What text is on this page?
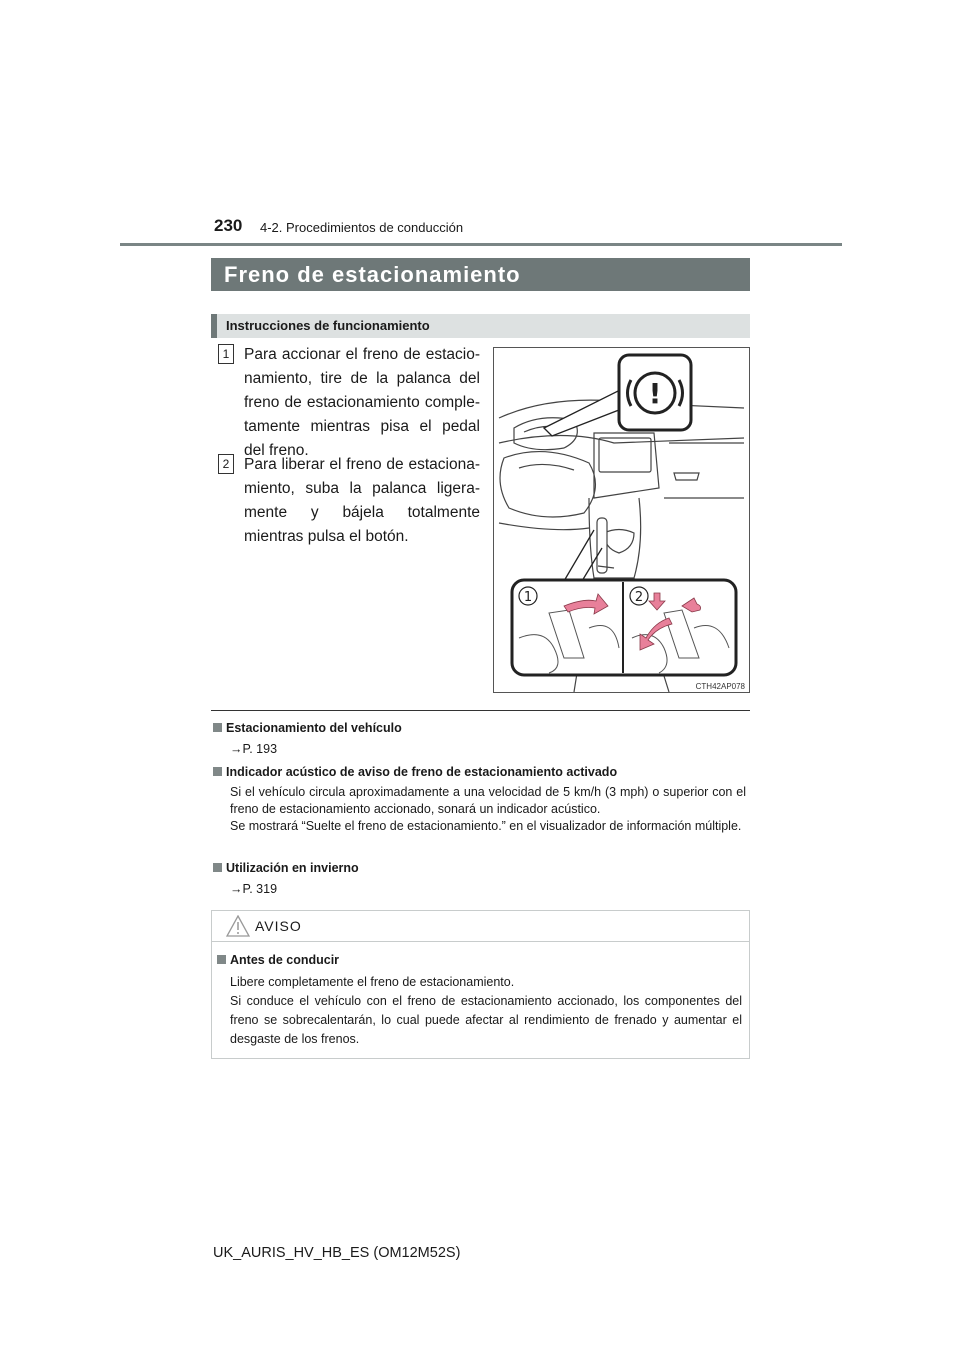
230 4-2. Procedimientos de conducción
Freno de estacionamiento
Instrucciones de funcionamiento
1 Para accionar el freno de estacio-namiento, tire de la palanca del freno de estacionamiento comple-tamente mientras pisa el pedal del freno.
2 Para liberar el freno de estaciona-miento, suba la palanca ligera-mente y bájela totalmente mientras pulsa el botón.
!
1	2
CTH42AP078
Estacionamiento del vehículo
→P. 193
Indicador acústico de aviso de freno de estacionamiento activado
Si el vehículo circula aproximadamente a una velocidad de 5 km/h (3 mph) o superior con el freno de estacionamiento accionado, sonará un indicador acústico.
Se mostrará “Suelte el freno de estacionamiento.” en el visualizador de información múltiple.
Utilización en invierno
→P. 319
AVISO
Antes de conducir
Libere completamente el freno de estacionamiento.
Si conduce el vehículo con el freno de estacionamiento accionado, los componentes del freno se sobrecalentarán, lo cual puede afectar al rendimiento de frenado y aumentar el desgaste de los frenos.
UK_AURIS_HV_HB_ES (OM12M52S)
